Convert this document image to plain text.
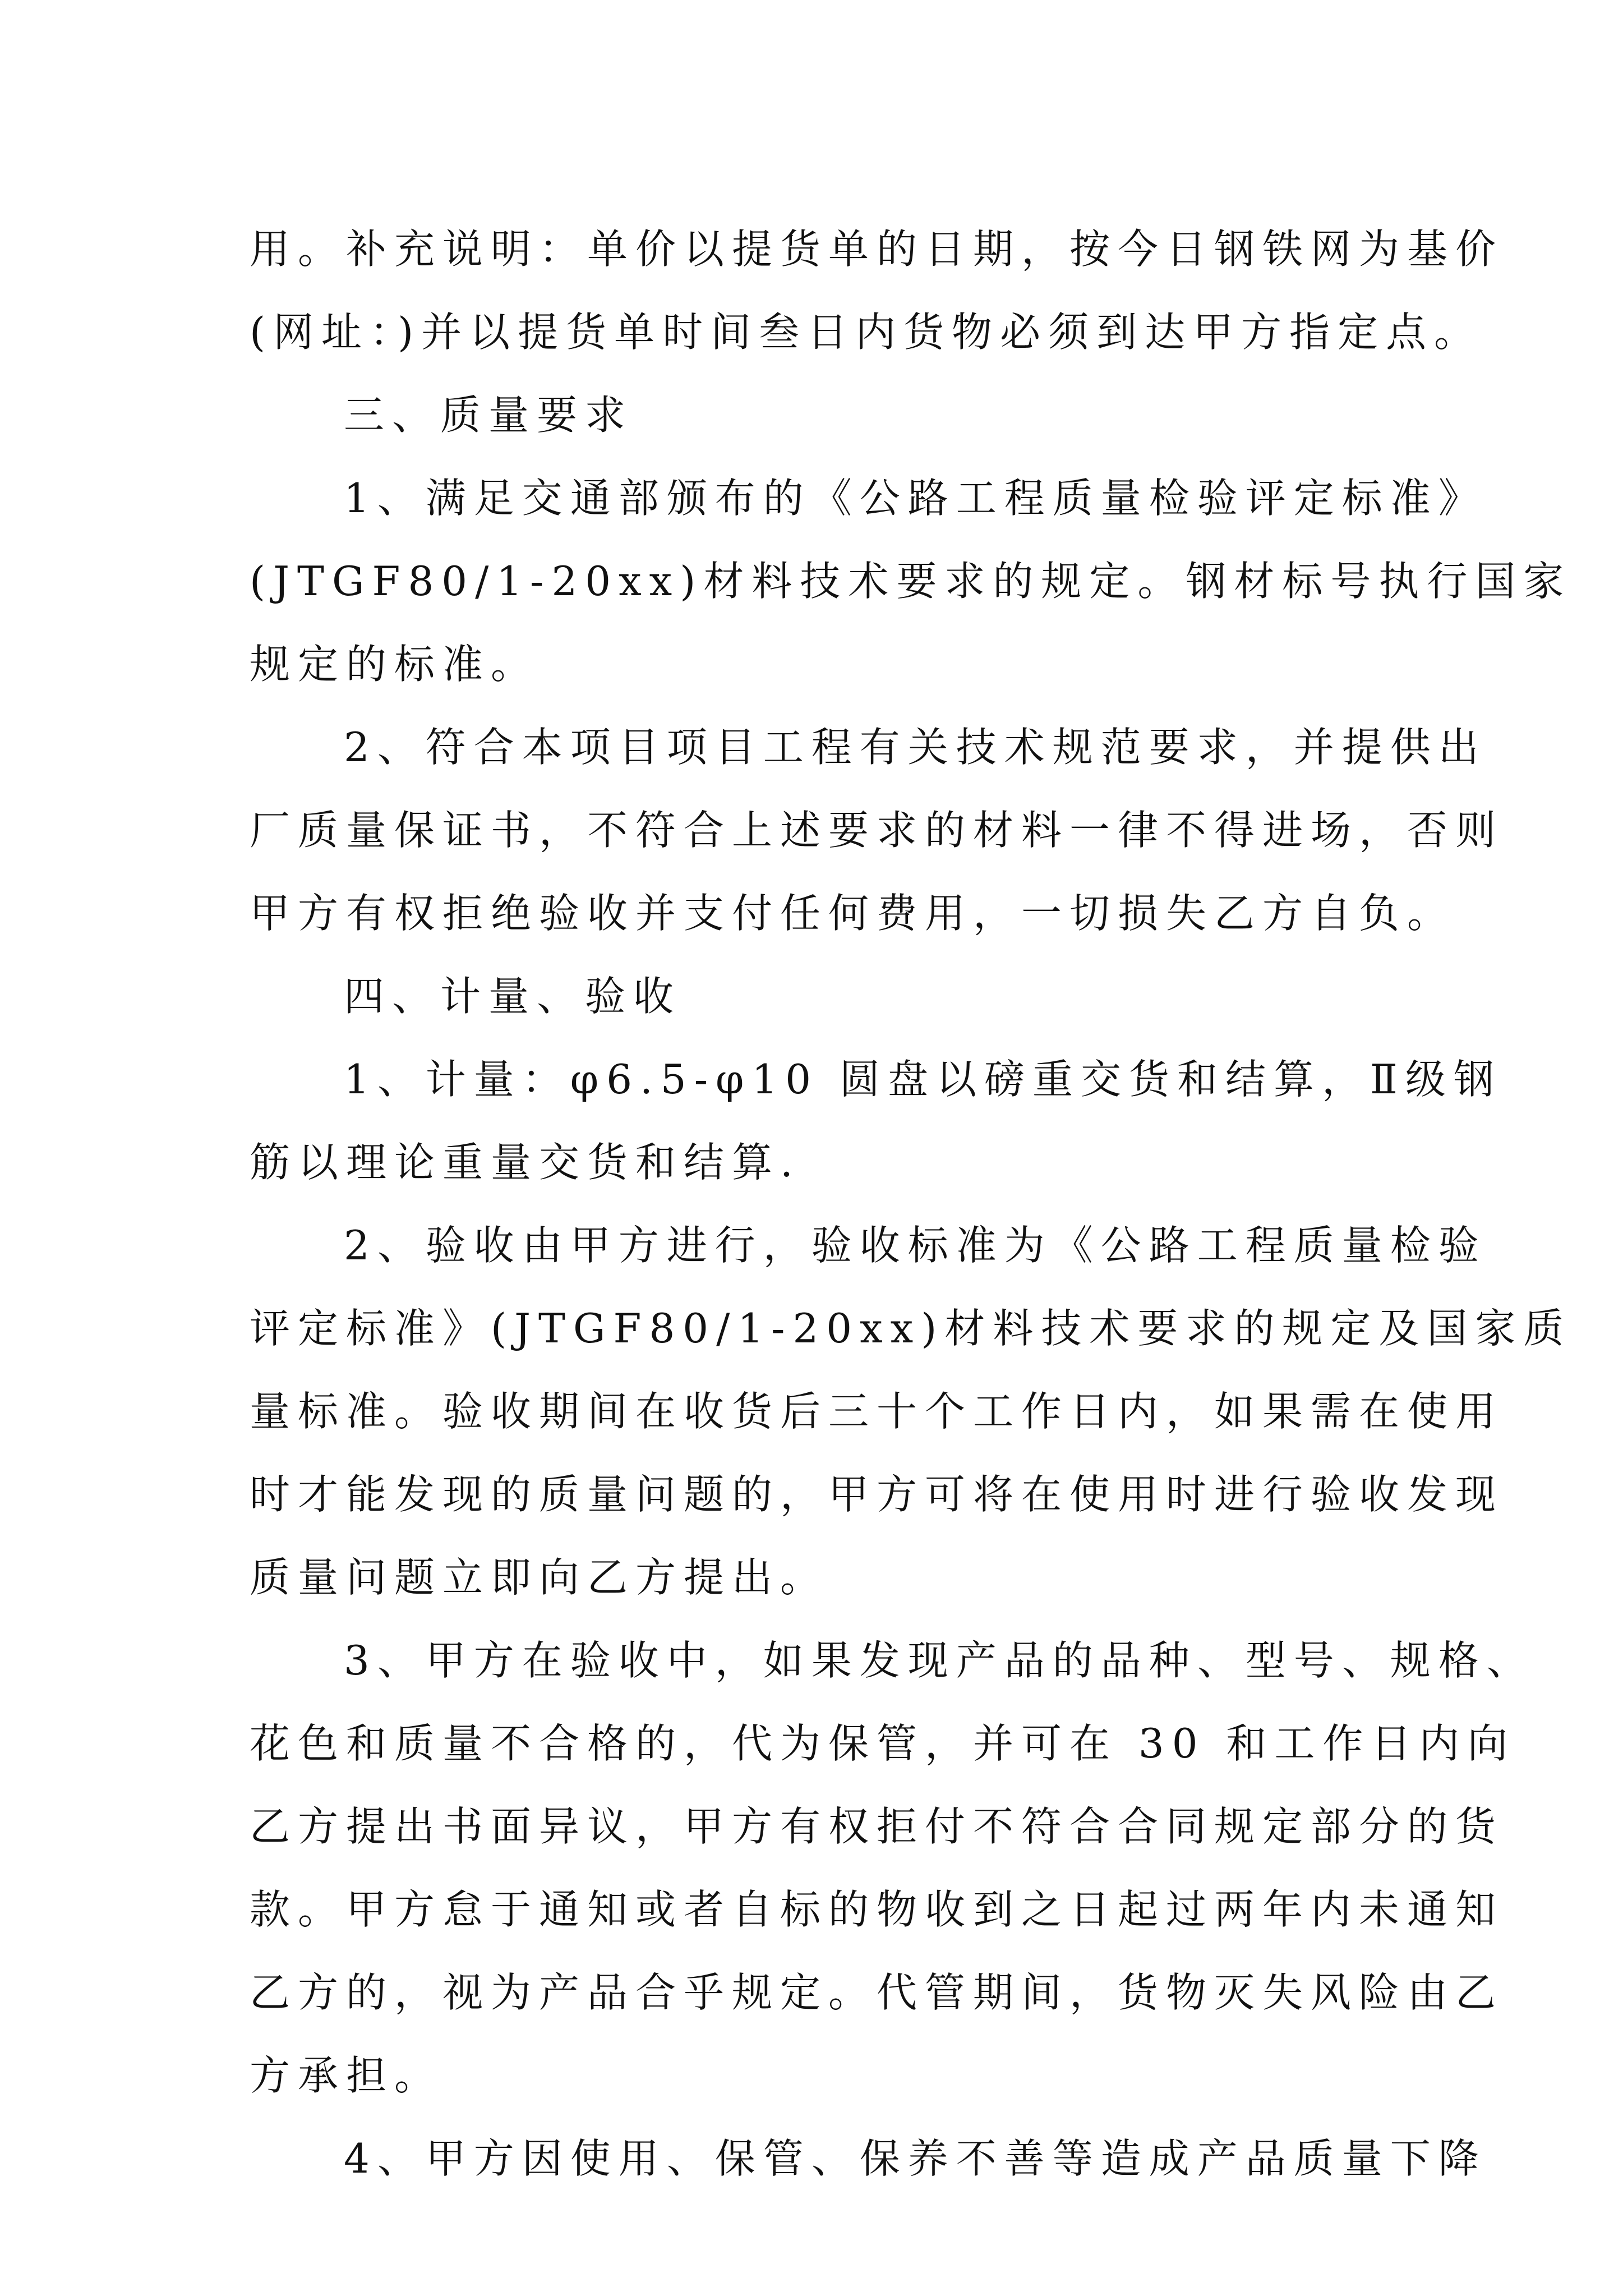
用。补充说明：单价以提货单的日期，按今日钢铁网为基价
(网址：)并以提货单时间叁日内货物必须到达甲方指定点。
三、质量要求
1、满足交通部颁布的《公路工程质量检验评定标准》
(JTGF80/1-20xx)材料技术要求的规定。钢材标号执行国家
规定的标准。
2、符合本项目项目工程有关技术规范要求，并提供出
厂质量保证书，不符合上述要求的材料一律不得进场，否则
甲方有权拒绝验收并支付任何费用，一切损失乙方自负。
四、计量、验收
1、计量：φ6.5-φ10 圆盘以磅重交货和结算，Ⅱ级钢
筋以理论重量交货和结算.
2、验收由甲方进行，验收标准为《公路工程质量检验
评定标准》(JTGF80/1-20xx)材料技术要求的规定及国家质
量标准。验收期间在收货后三十个工作日内，如果需在使用
时才能发现的质量问题的，甲方可将在使用时进行验收发现
质量问题立即向乙方提出。
3、甲方在验收中，如果发现产品的品种、型号、规格、
花色和质量不合格的，代为保管，并可在 30 和工作日内向
乙方提出书面异议，甲方有权拒付不符合合同规定部分的货
款。甲方怠于通知或者自标的物收到之日起过两年内未通知
乙方的，视为产品合乎规定。代管期间，货物灭失风险由乙
方承担。
4、甲方因使用、保管、保养不善等造成产品质量下降
